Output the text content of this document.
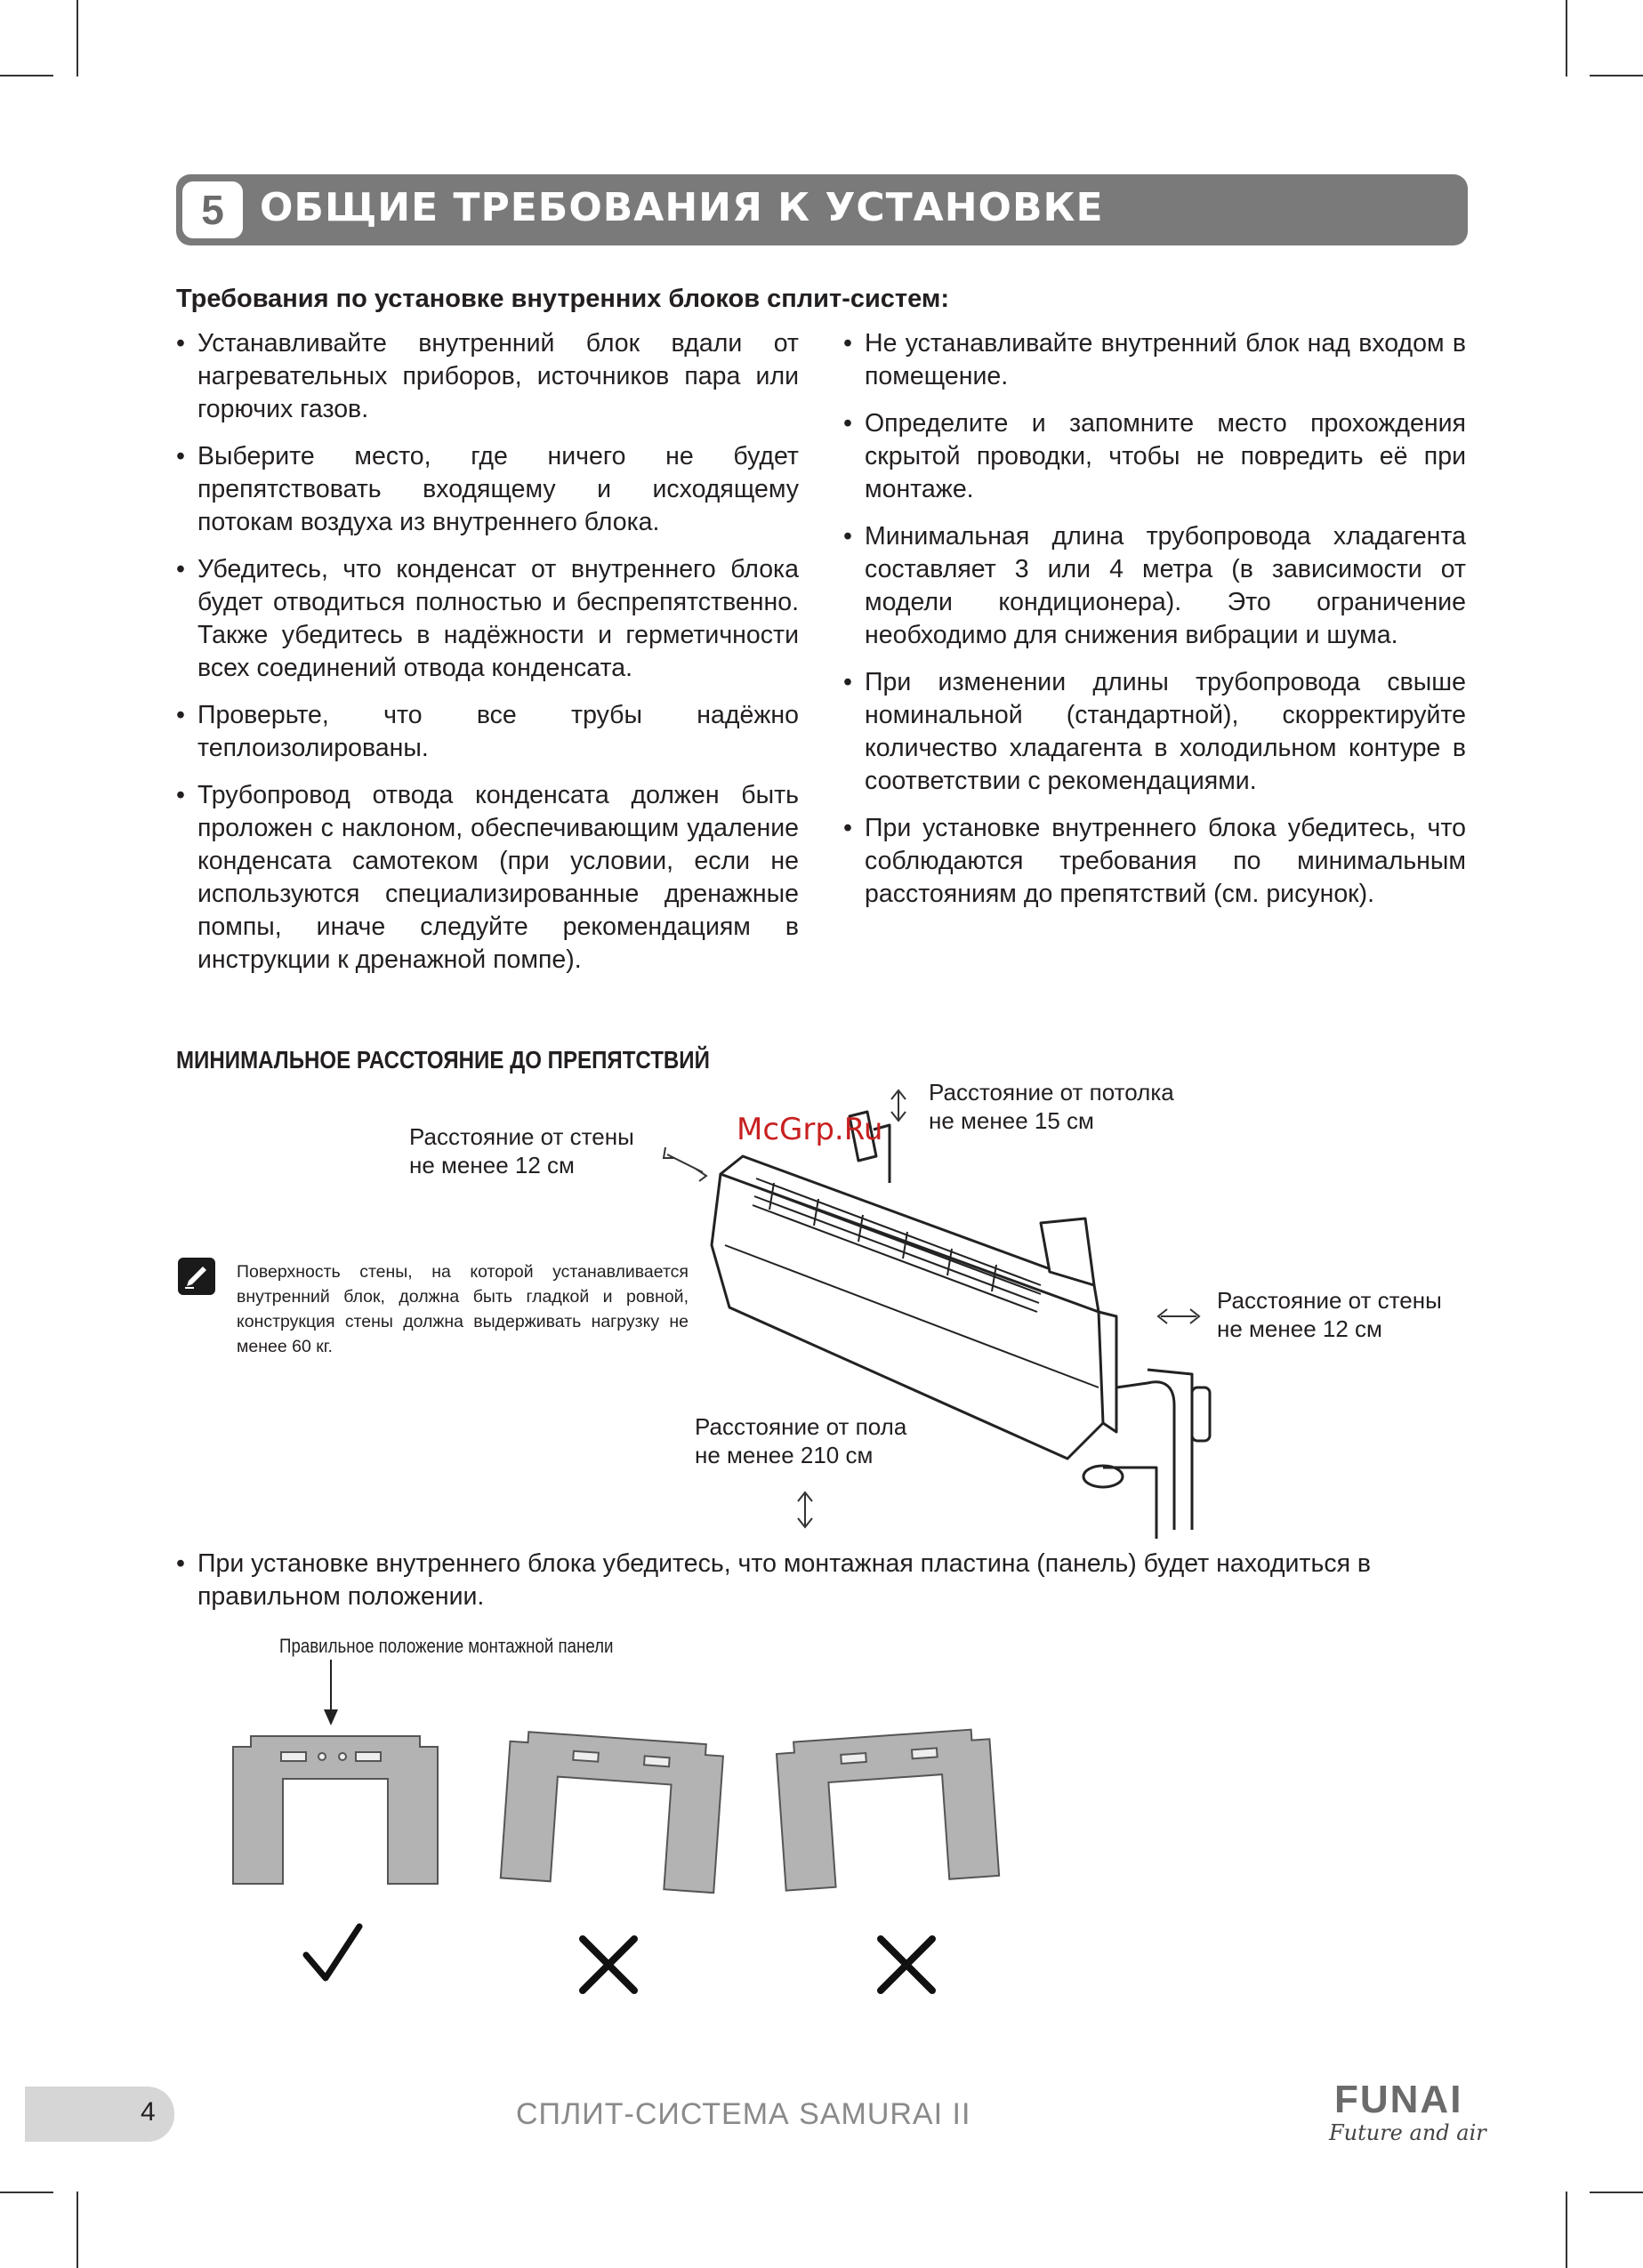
5 ОБЩИЕ ТРЕБОВАНИЯ К УСТАНОВКЕ
Требования по установке внутренних блоков сплит-систем:
• Устанавливайте внутренний блок вдали от нагревательных приборов, источников пара или горючих газов.
• Выберите место, где ничего не будет препятствовать входящему и исходящему потокам воздуха из внутреннего блока.
• Убедитесь, что конденсат от внутреннего блока будет отводиться полностью и беспрепятственно. Также убедитесь в надёжности и герметичности всех соединений отвода конденсата.
• Проверьте, что все трубы надёжно теплоизолированы.
• Трубопровод отвода конденсата должен быть проложен с наклоном, обеспечивающим удаление конденсата самотеком (при условии, если не используются специализированные дренажные помпы, иначе следуйте рекомендациям в инструкции к дренажной помпе).
• Не устанавливайте внутренний блок над входом в помещение.
• Определите и запомните место прохождения скрытой проводки, чтобы не повредить её при монтаже.
• Минимальная длина трубопровода хладагента составляет 3 или 4 метра (в зависимости от модели кондиционера). Это ограничение необходимо для снижения вибрации и шума.
• При изменении длины трубопровода свыше номинальной (стандартной), скорректируйте количество хладагента в холодильном контуре в соответствии с рекомендациями.
• При установке внутреннего блока убедитесь, что соблюдаются требования по минимальным расстояниям до препятствий (см. рисунок).
МИНИМАЛЬНОЕ РАССТОЯНИЕ ДО ПРЕПЯТСТВИЙ
McGrp.Ru
Расстояние от стены
не менее 12 см
Расстояние от потолка
не менее 15 см
Расстояние от стены
не менее 12 см
Расстояние от пола
не менее 210 см
Поверхность стены, на которой устанавливается внутренний блок, должна быть гладкой и ровной, конструкция стены должна выдерживать нагрузку не менее 60 кг.
• При установке внутреннего блока убедитесь, что монтажная пластина (панель) будет находиться в правильном положении.
Правильное положение монтажной панели
4	СПЛИТ-СИСТЕМА SAMURAI II	FUNAI
Future and air
